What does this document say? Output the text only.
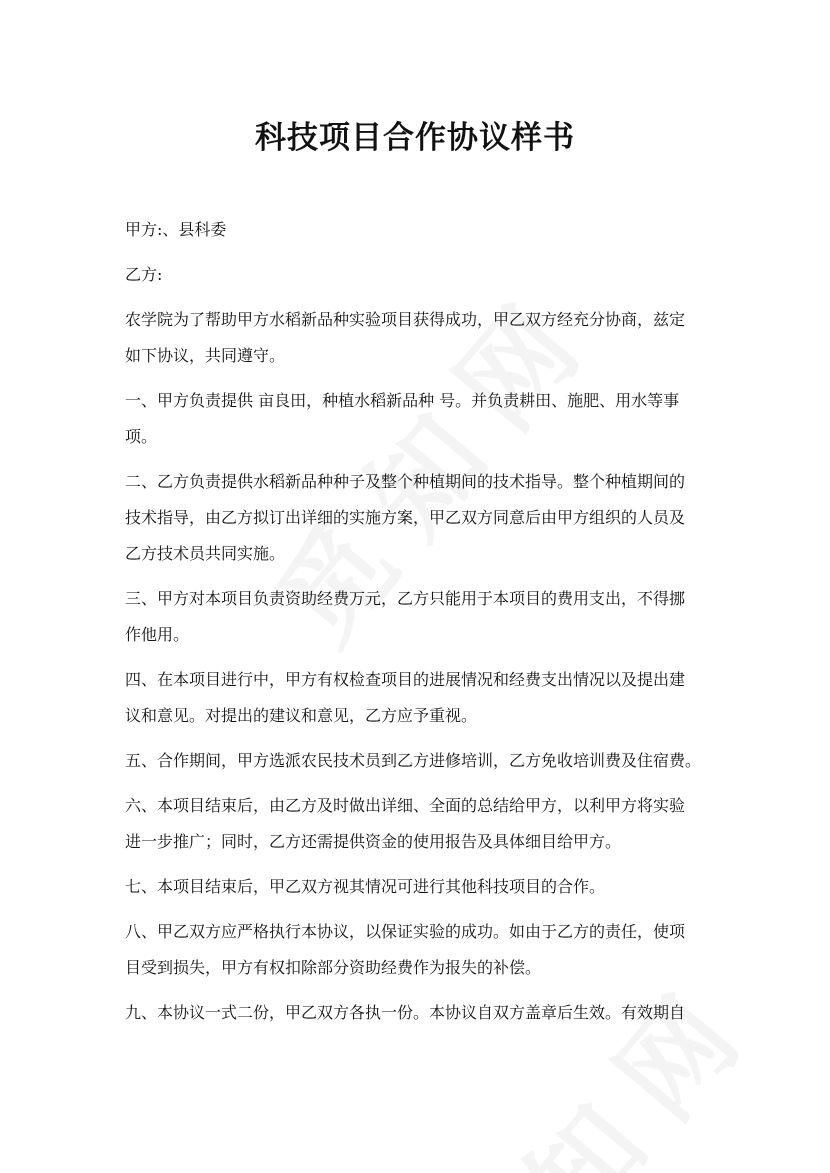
科技项目合作协议样书

甲方:、县科委

乙方:

农学院为了帮助甲方水稻新品种实验项目获得成功，甲乙双方经充分协商，兹定
如下协议，共同遵守。

一、甲方负责提供 亩良田，种植水稻新品种 号。并负责耕田、施肥、用水等事
项。

二、乙方负责提供水稻新品种种子及整个种植期间的技术指导。整个种植期间的
技术指导，由乙方拟订出详细的实施方案，甲乙双方同意后由甲方组织的人员及
乙方技术员共同实施。

三、甲方对本项目负责资助经费万元，乙方只能用于本项目的费用支出，不得挪
作他用。

四、在本项目进行中，甲方有权检查项目的进展情况和经费支出情况以及提出建
议和意见。对提出的建议和意见，乙方应予重视。

五、合作期间，甲方选派农民技术员到乙方进修培训，乙方免收培训费及住宿费。

六、本项目结束后，由乙方及时做出详细、全面的总结给甲方，以利甲方将实验
进一步推广；同时，乙方还需提供资金的使用报告及具体细目给甲方。

七、本项目结束后，甲乙双方视其情况可进行其他科技项目的合作。

八、甲乙双方应严格执行本协议，以保证实验的成功。如由于乙方的责任，使项
目受到损失，甲方有权扣除部分资助经费作为报失的补偿。

九、本协议一式二份，甲乙双方各执一份。本协议自双方盖章后生效。有效期自
